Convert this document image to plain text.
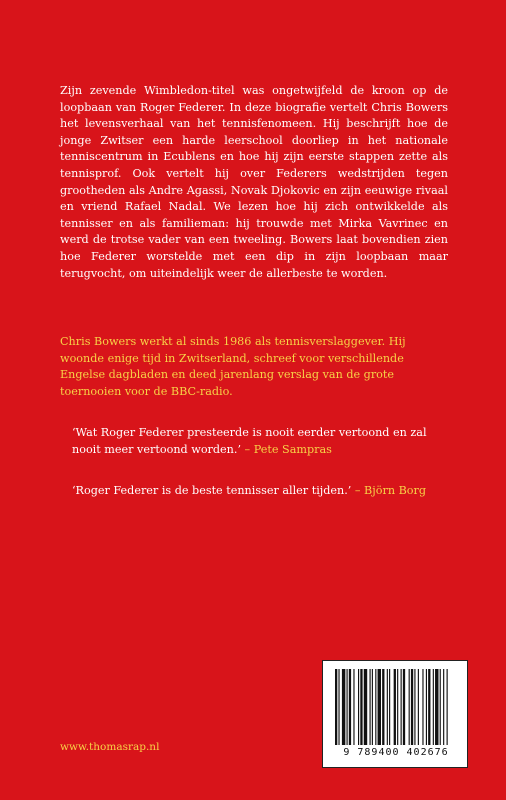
Zijn zevende Wimbledon-titel was ongetwijfeld de kroon op de loopbaan van Roger Federer. In deze biografie vertelt Chris Bowers het levensverhaal van het tennisfenomeen. Hij beschrijft hoe de jonge Zwitser een harde leerschool doorliep in het nationale tenniscentrum in Ecublens en hoe hij zijn eerste stappen zette als tennisprof. Ook vertelt hij over Federers wedstrijden tegen grootheden als Andre Agassi, Novak Djokovic en zijn eeuwige rivaal en vriend Rafael Nadal. We lezen hoe hij zich ontwikkelde als tennisser en als familieman: hij trouwde met Mirka Vavrinec en werd de trotse vader van een tweeling. Bowers laat bovendien zien hoe Federer worstelde met een dip in zijn loopbaan maar terugvocht, om uiteindelijk weer de allerbeste te worden.

Chris Bowers werkt al sinds 1986 als tennisverslaggever. Hij woonde enige tijd in Zwitserland, schreef voor verschillende Engelse dagbladen en deed jarenlang verslag van de grote toernooien voor de BBC-radio.

‘Wat Roger Federer presteerde is nooit eerder vertoond en zal nooit meer vertoond worden.’ – Pete Sampras

‘Roger Federer is de beste tennisser aller tijden.’ – Björn Borg

www.thomasrap.nl	9 789400 402676
